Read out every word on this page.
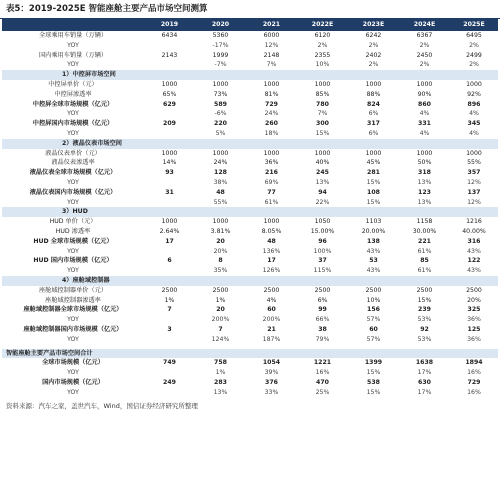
表5：2019-2025E 智能座舱主要产品市场空间测算
	2019	2020	2021	2022E	2023E	2024E	2025E
全球乘用车销量（万辆）	6434	5360	6000	6120	6242	6367	6495
YOY		-17%	12%	2%	2%	2%	2%
国内乘用车销量（万辆）	2143	1999	2148	2355	2402	2450	2499
YOY		-7%	7%	10%	2%	2%	2%
1）中控屏市场空间							
中控屏单价（元）	1000	1000	1000	1000	1000	1000	1000
中控屏渗透率	65%	73%	81%	85%	88%	90%	92%
中控屏全球市场规模（亿元）	629	589	729	780	824	860	896
YOY		-6%	24%	7%	6%	4%	4%
中控屏国内市场规模（亿元）	209	220	260	300	317	331	345
YOY		5%	18%	15%	6%	4%	4%
2）液晶仪表市场空间							
液晶仪表单价（元）	1000	1000	1000	1000	1000	1000	1000
液晶仪表渗透率	14%	24%	36%	40%	45%	50%	55%
液晶仪表全球市场规模（亿元）	93	128	216	245	281	318	357
YOY		38%	69%	13%	15%	13%	12%
液晶仪表国内市场规模（亿元）	31	48	77	94	108	123	137
YOY		55%	61%	22%	15%	13%	12%
3）HUD							
HUD 单价（元）	1000	1000	1000	1050	1103	1158	1216
HUD 渗透率	2.64%	3.81%	8.05%	15.00%	20.00%	30.00%	40.00%
HUD 全球市场规模（亿元）	17	20	48	96	138	221	316
YOY		20%	136%	100%	43%	61%	43%
HUD 国内市场规模（亿元）	6	8	17	37	53	85	122
YOY		35%	126%	115%	43%	61%	43%
4）座舱域控制器							
座舱域控制器单价（元）	2500	2500	2500	2500	2500	2500	2500
座舱域控制器渗透率	1%	1%	4%	6%	10%	15%	20%
座舱域控制器全球市场规模（亿元）	7	20	60	99	156	239	325
YOY		200%	200%	66%	57%	53%	36%
座舱域控制器国内市场规模（亿元）	3	7	21	38	60	92	125
YOY		124%	187%	79%	57%	53%	36%

智能座舱主要产品市场空间合计							
全球市场规模（亿元）	749	758	1054	1221	1399	1638	1894
YOY		1%	39%	16%	15%	17%	16%
国内市场规模（亿元）	249	283	376	470	538	630	729
YOY		13%	33%	25%	15%	17%	16%
资料来源：汽车之家，盖世汽车，Wind，国信证券经济研究所整理
